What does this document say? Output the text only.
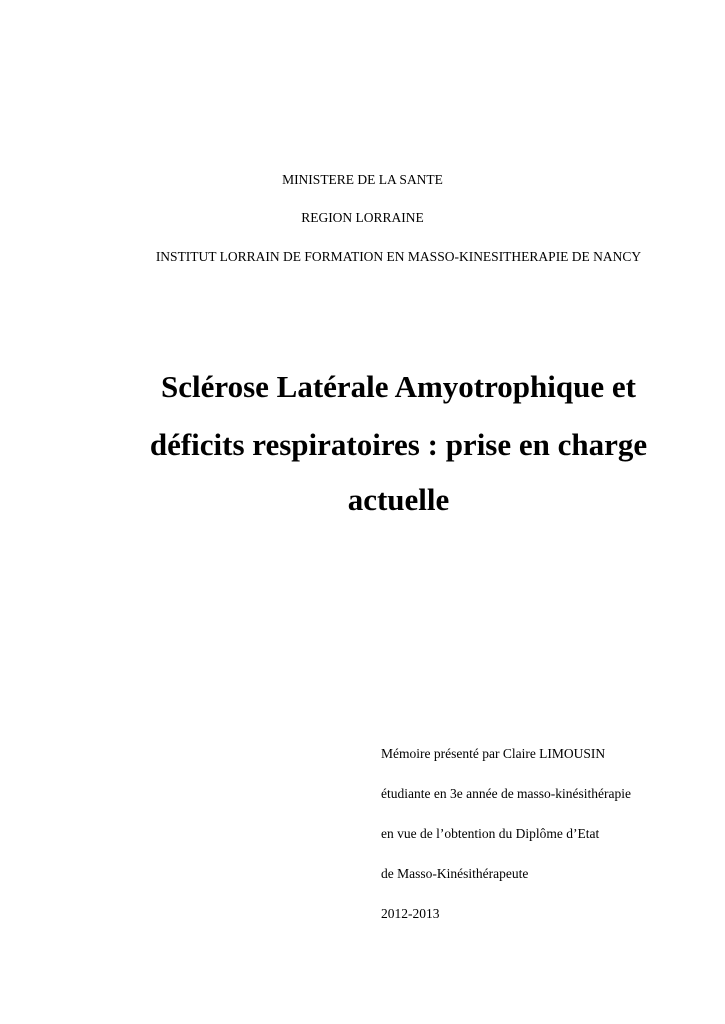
MINISTERE DE LA SANTE
REGION LORRAINE
INSTITUT LORRAIN DE FORMATION EN MASSO-KINESITHERAPIE DE NANCY
Sclérose Latérale Amyotrophique et
déficits respiratoires : prise en charge
actuelle
Mémoire présenté par Claire LIMOUSIN
étudiante en 3e année de masso-kinésithérapie
en vue de l’obtention du Diplôme d’Etat
de Masso-Kinésithérapeute
2012-2013
